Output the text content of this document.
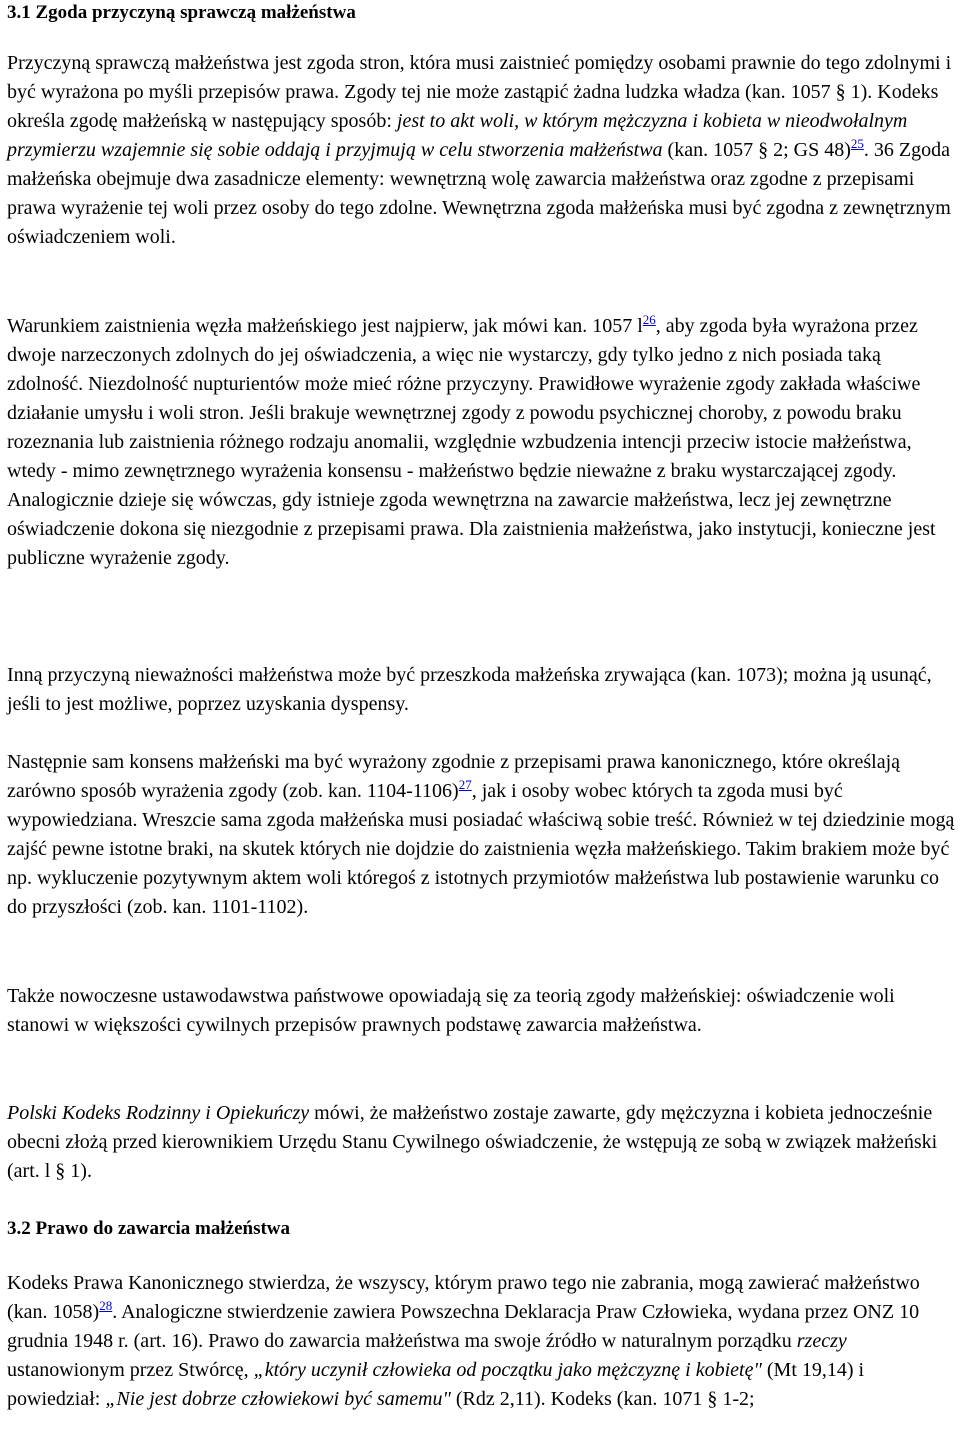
3.1 Zgoda przyczyną sprawczą małżeństwa

Przyczyną sprawczą małżeństwa jest zgoda stron, która musi zaistnieć pomiędzy osobami prawnie do tego zdolnymi i być wyrażona po myśli przepisów prawa. Zgody tej nie może zastąpić żadna ludzka władza (kan. 1057 § 1). Kodeks określa zgodę małżeńską w następujący sposób: jest to akt woli, w którym mężczyzna i kobieta w nieodwołalnym przymierzu wzajemnie się sobie oddają i przyjmują w celu stworzenia małżeństwa (kan. 1057 § 2; GS 48)$^{25}$. 36 Zgoda małżeńska obejmuje dwa zasadnicze elementy: wewnętrzną wolę zawarcia małżeństwa oraz zgodne z przepisami prawa wyrażenie tej woli przez osoby do tego zdolne. Wewnętrzna zgoda małżeńska musi być zgodna z zewnętrznym oświadczeniem woli.

Warunkiem zaistnienia węzła małżeńskiego jest najpierw, jak mówi kan. 1057 l$^{26}$, aby zgoda była wyrażona przez dwoje narzeczonych zdolnych do jej oświadczenia, a więc nie wystarczy, gdy tylko jedno z nich posiada taką zdolność. Niezdolność nupturientów może mieć różne przyczyny. Prawidłowe wyrażenie zgody zakłada właściwe działanie umysłu i woli stron. Jeśli brakuje wewnętrznej zgody z powodu psychicznej choroby, z powodu braku rozeznania lub zaistnienia różnego rodzaju anomalii, względnie wzbudzenia intencji przeciw istocie małżeństwa, wtedy - mimo zewnętrznego wyrażenia konsensu - małżeństwo będzie nieważne z braku wystarczającej zgody. Analogicznie dzieje się wówczas, gdy istnieje zgoda wewnętrzna na zawarcie małżeństwa, lecz jej zewnętrzne oświadczenie dokona się niezgodnie z przepisami prawa. Dla zaistnienia małżeństwa, jako instytucji, konieczne jest publiczne wyrażenie zgody.

Inną przyczyną nieważności małżeństwa może być przeszkoda małżeńska zrywająca (kan. 1073); można ją usunąć, jeśli to jest możliwe, poprzez uzyskania dyspensy.

Następnie sam konsens małżeński ma być wyrażony zgodnie z przepisami prawa kanonicznego, które określają zarówno sposób wyrażenia zgody (zob. kan. 1104-1106)$^{27}$, jak i osoby wobec których ta zgoda musi być wypowiedziana. Wreszcie sama zgoda małżeńska musi posiadać właściwą sobie treść. Również w tej dziedzinie mogą zajść pewne istotne braki, na skutek których nie dojdzie do zaistnienia węzła małżeńskiego. Takim brakiem może być np. wykluczenie pozytywnym aktem woli któregoś z istotnych przymiotów małżeństwa lub postawienie warunku co do przyszłości (zob. kan. 1101-1102).

Także nowoczesne ustawodawstwa państwowe opowiadają się za teorią zgody małżeńskiej: oświadczenie woli stanowi w większości cywilnych przepisów prawnych podstawę zawarcia małżeństwa.

Polski Kodeks Rodzinny i Opiekuńczy mówi, że małżeństwo zostaje zawarte, gdy mężczyzna i kobieta jednocześnie obecni złożą przed kierownikiem Urzędu Stanu Cywilnego oświadczenie, że wstępują ze sobą w związek małżeński (art. l § 1).

3.2 Prawo do zawarcia małżeństwa

Kodeks Prawa Kanonicznego stwierdza, że wszyscy, którym prawo tego nie zabrania, mogą zawierać małżeństwo (kan. 1058)$^{28}$. Analogiczne stwierdzenie zawiera Powszechna Deklaracja Praw Człowieka, wydana przez ONZ 10 grudnia 1948 r. (art. 16). Prawo do zawarcia małżeństwa ma swoje źródło w naturalnym porządku rzeczy ustanowionym przez Stwórcę, „który uczynił człowieka od początku jako mężczyznę i kobietę" (Mt 19,14) i powiedział: „Nie jest dobrze człowiekowi być samemu" (Rdz 2,11). Kodeks (kan. 1071 § 1-2;
